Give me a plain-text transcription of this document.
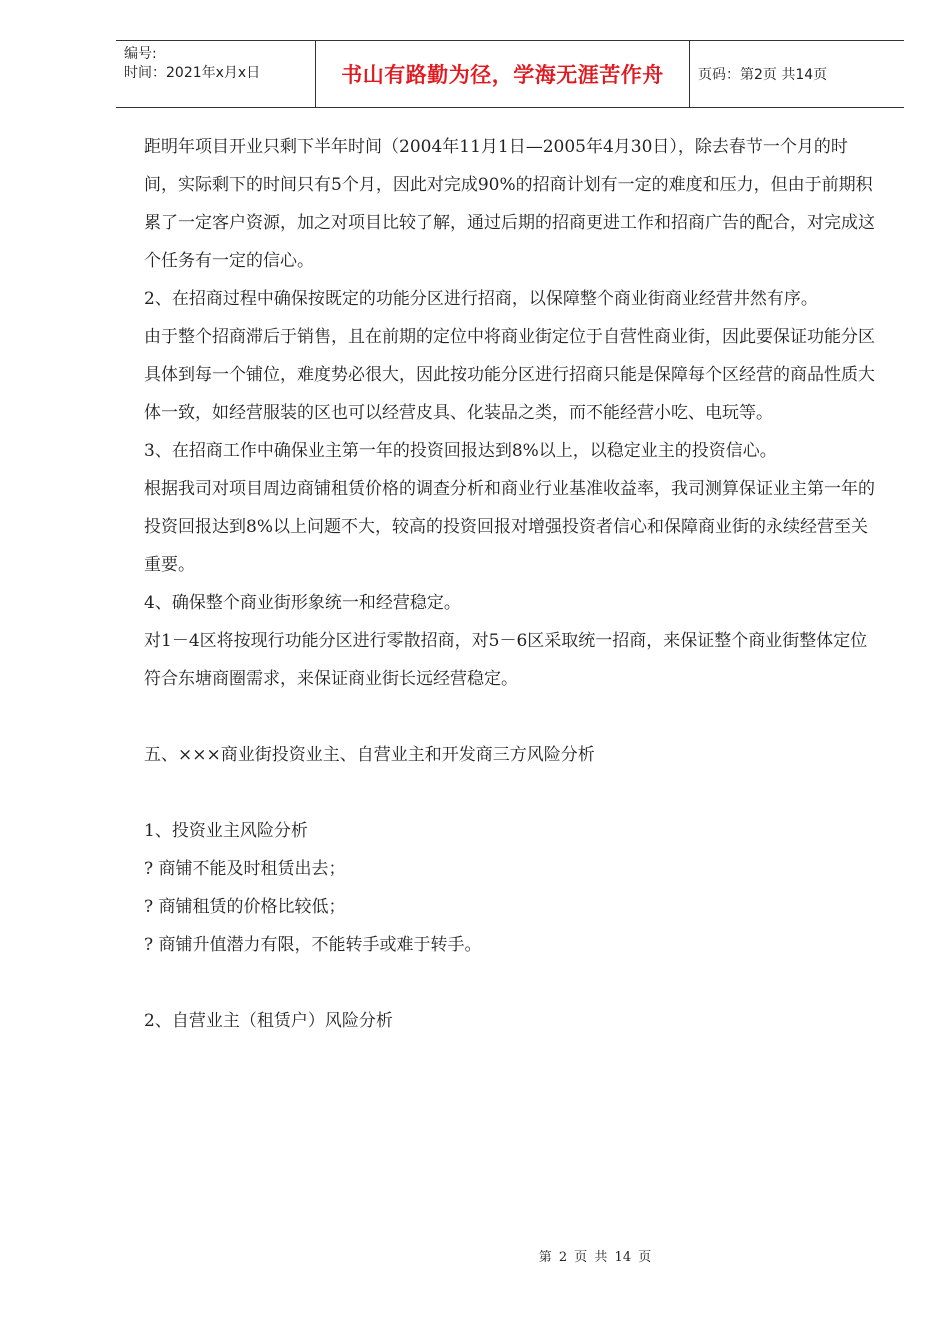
编号:
时间：2021年x月x日	书山有路勤为径，学海无涯苦作舟 页码：第2页 共14页

距明年项目开业只剩下半年时间（2004年11月1日—2005年4月30日），除去春节一个月的时间，实际剩下的时间只有5个月，因此对完成90%的招商计划有一定的难度和压力，但由于前期积累了一定客户资源，加之对项目比较了解，通过后期的招商更进工作和招商广告的配合，对完成这个任务有一定的信心。

2、在招商过程中确保按既定的功能分区进行招商，以保障整个商业街商业经营井然有序。

由于整个招商滞后于销售，且在前期的定位中将商业街定位于自营性商业街，因此要保证功能分区具体到每一个铺位，难度势必很大，因此按功能分区进行招商只能是保障每个区经营的商品性质大体一致，如经营服装的区也可以经营皮具、化装品之类，而不能经营小吃、电玩等。

3、在招商工作中确保业主第一年的投资回报达到8%以上，以稳定业主的投资信心。

根据我司对项目周边商铺租赁价格的调查分析和商业行业基准收益率，我司测算保证业主第一年的投资回报达到8%以上问题不大，较高的投资回报对增强投资者信心和保障商业街的永续经营至关重要。

4、确保整个商业街形象统一和经营稳定。

对1－4区将按现行功能分区进行零散招商，对5－6区采取统一招商，来保证整个商业街整体定位符合东塘商圈需求，来保证商业街长远经营稳定。

五、×××商业街投资业主、自营业主和开发商三方风险分析

1、投资业主风险分析

? 商铺不能及时租赁出去；

? 商铺租赁的价格比较低；

? 商铺升值潜力有限，不能转手或难于转手。

2、自营业主（租赁户）风险分析

第 2 页 共 14 页
